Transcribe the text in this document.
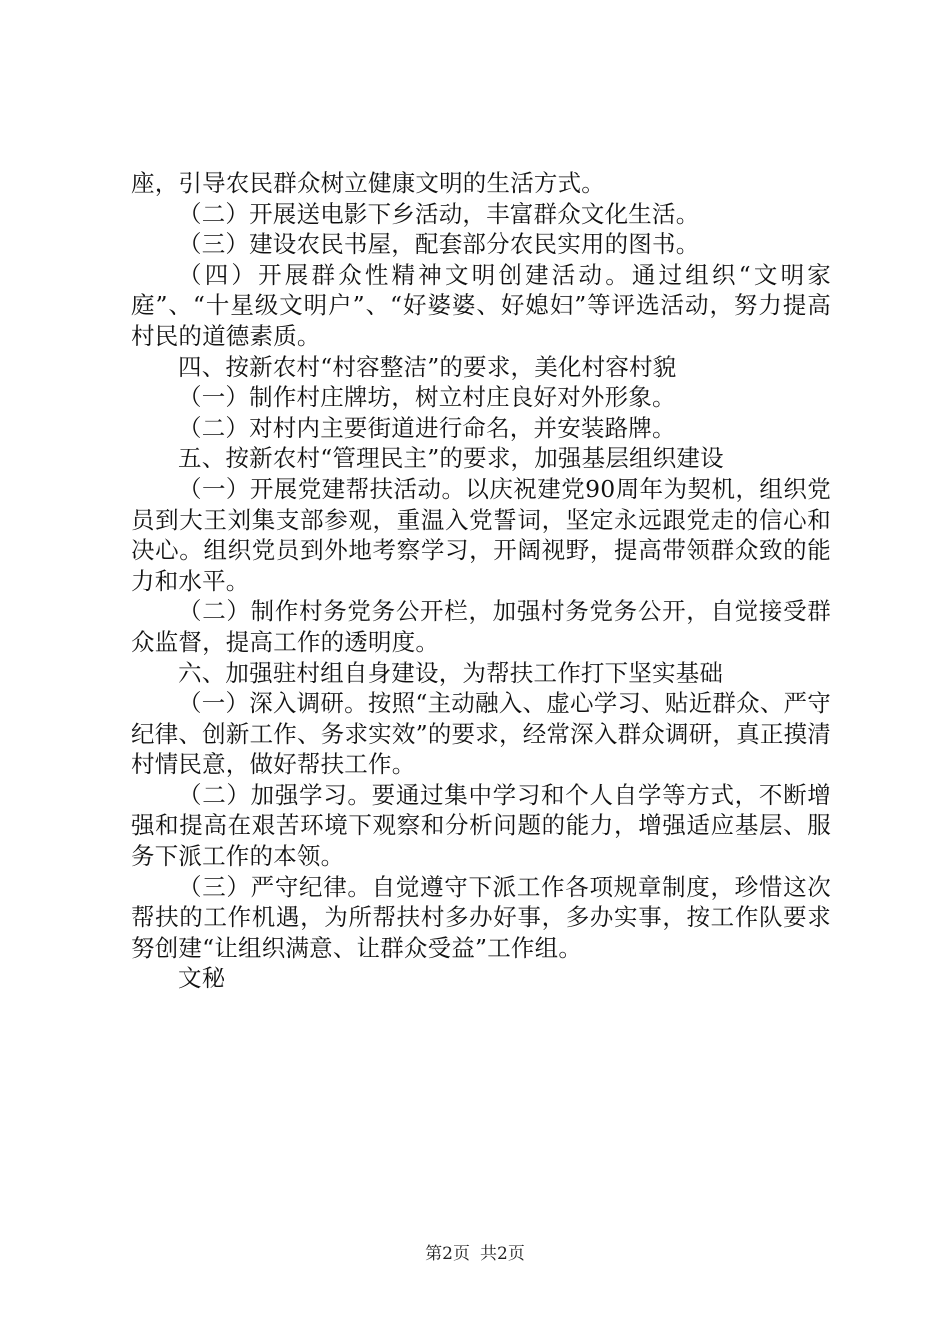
座，引导农民群众树立健康文明的生活方式。

（二）开展送电影下乡活动，丰富群众文化生活。

（三）建设农民书屋，配套部分农民实用的图书。

（四）开展群众性精神文明创建活动。通过组织“文明家庭”、“十星级文明户”、“好婆婆、好媳妇”等评选活动，努力提高村民的道德素质。

四、按新农村“村容整洁”的要求，美化村容村貌

（一）制作村庄牌坊，树立村庄良好对外形象。

（二）对村内主要街道进行命名，并安装路牌。

五、按新农村“管理民主”的要求，加强基层组织建设

（一）开展党建帮扶活动。以庆祝建党90周年为契机，组织党员到大王刘集支部参观，重温入党誓词，坚定永远跟党走的信心和决心。组织党员到外地考察学习，开阔视野，提高带领群众致的能力和水平。

（二）制作村务党务公开栏，加强村务党务公开，自觉接受群众监督，提高工作的透明度。

六、加强驻村组自身建设，为帮扶工作打下坚实基础

（一）深入调研。按照“主动融入、虚心学习、贴近群众、严守纪律、创新工作、务求实效”的要求，经常深入群众调研，真正摸清村情民意，做好帮扶工作。

（二）加强学习。要通过集中学习和个人自学等方式，不断增强和提高在艰苦环境下观察和分析问题的能力，增强适应基层、服务下派工作的本领。

（三）严守纪律。自觉遵守下派工作各项规章制度，珍惜这次帮扶的工作机遇，为所帮扶村多办好事，多办实事，按工作队要求努创建“让组织满意、让群众受益”工作组。

文秘

第2页 共2页
